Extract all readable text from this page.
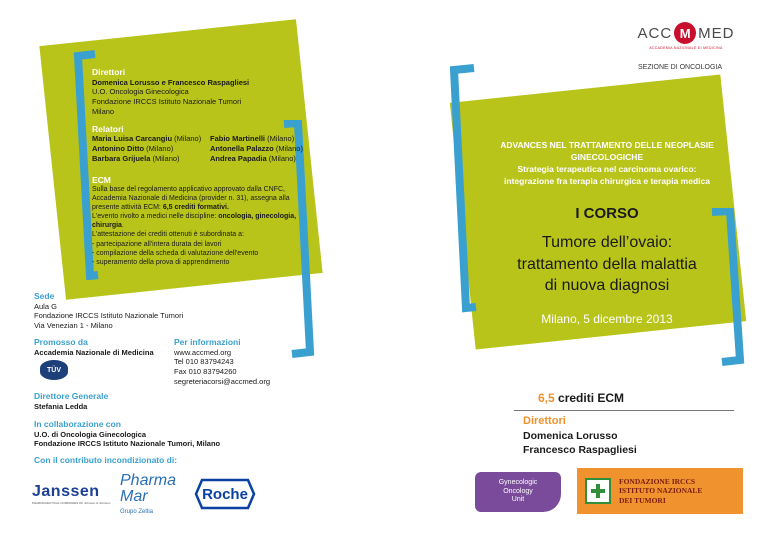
Direttori
Domenica Lorusso e Francesco Raspagliesi
U.O. Oncologia Ginecologica
Fondazione IRCCS Istituto Nazionale Tumori
Milano
Relatori
Maria Luisa Carcangiu (Milano)	Fabio Martinelli (Milano)
Antonino Ditto (Milano)	Antonella Palazzo (Milano)
Barbara Grijuela (Milano)	Andrea Papadia (Milano)
ECM
Sulla base del regolamento applicativo approvato dalla CNFC,
Accademia Nazionale di Medicina (provider n. 31), assegna alla
presente attività ECM: 6,5 crediti formativi.
L'evento rivolto a medici nelle discipline: oncologia, ginecologia,
chirurgia.
L'attestazione dei crediti ottenuti è subordinata a:
- partecipazione all'intera durata dei lavori
- compilazione della scheda di valutazione dell'evento
- superamento della prova di apprendimento
Sede
Aula G
Fondazione IRCCS Istituto Nazionale Tumori
Via Venezian 1 - Milano
Promosso da
Accademia Nazionale di Medicina
TÜV
Per informazioni
www.accmed.org
Tel 010 83794243
Fax 010 83794260
segreteriacorsi@accmed.org
Direttore Generale
Stefania Ledda
In collaborazione con
U.O. di Oncologia Ginecologica
Fondazione IRCCS Istituto Nazionale Tumori, Milano
Con il contributo incondizionato di:
Janssen
PHARMACEUTICAL COMPANIES OF Johnson & Johnson
Pharma
Mar
Grupo Zeltia
Roche
ACC M MED
ACCADEMIA NAZIONALE DI MEDICINA
SEZIONE DI ONCOLOGIA
ADVANCES NEL TRATTAMENTO DELLE NEOPLASIE
GINECOLOGICHE
Strategia terapeutica nel carcinoma ovarico:
integrazione fra terapia chirurgica e terapia medica
I CORSO
Tumore dell’ovaio:
trattamento della malattia
di nuova diagnosi
Milano, 5 dicembre 2013
6,5 crediti ECM
Direttori
Domenica Lorusso
Francesco Raspagliesi
Gynecologic
Oncology
Unit
FONDAZIONE IRCCS
ISTITUTO NAZIONALE
DEI TUMORI
